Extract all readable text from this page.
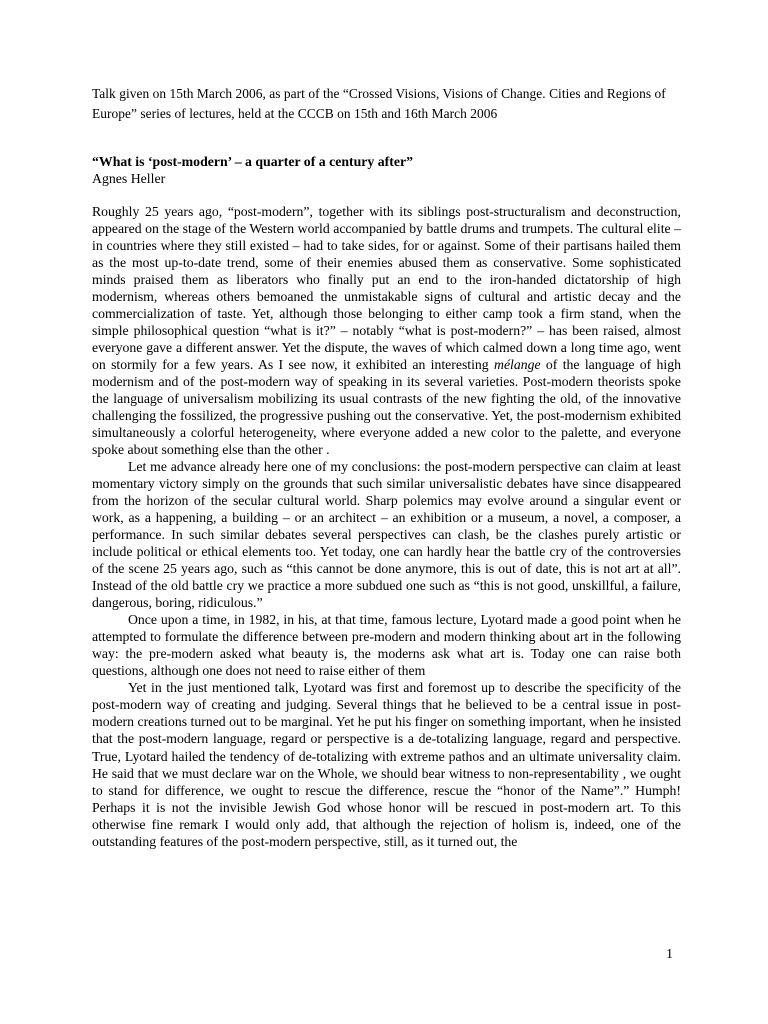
Talk given on 15th March 2006, as part of the “Crossed Visions, Visions of Change. Cities and Regions of Europe” series of lectures, held at the CCCB on 15th and 16th March 2006
“What is ‘post-modern’ – a quarter of a century after”
Agnes Heller

Roughly 25 years ago, “post-modern”, together with its siblings post-structuralism and deconstruction, appeared on the stage of the Western world accompanied by battle drums and trumpets. The cultural elite – in countries where they still existed – had to take sides, for or against. Some of their partisans hailed them as the most up-to-date trend, some of their enemies abused them as conservative. Some sophisticated minds praised them as liberators who finally put an end to the iron-handed dictatorship of high modernism, whereas others bemoaned the unmistakable signs of cultural and artistic decay and the commercialization of taste. Yet, although those belonging to either camp took a firm stand, when the simple philosophical question “what is it?” – notably “what is post-modern?” – has been raised, almost everyone gave a different answer. Yet the dispute, the waves of which calmed down a long time ago, went on stormily for a few years. As I see now, it exhibited an interesting mélange of the language of high modernism and of the post-modern way of speaking in its several varieties. Post-modern theorists spoke the language of universalism mobilizing its usual contrasts of the new fighting the old, of the innovative challenging the fossilized, the progressive pushing out the conservative. Yet, the post-modernism exhibited simultaneously a colorful heterogeneity, where everyone added a new color to the palette, and everyone spoke about something else than the other .

Let me advance already here one of my conclusions: the post-modern perspective can claim at least momentary victory simply on the grounds that such similar universalistic debates have since disappeared from the horizon of the secular cultural world. Sharp polemics may evolve around a singular event or work, as a happening, a building – or an architect – an exhibition or a museum, a novel, a composer, a performance. In such similar debates several perspectives can clash, be the clashes purely artistic or include political or ethical elements too. Yet today, one can hardly hear the battle cry of the controversies of the scene 25 years ago, such as “this cannot be done anymore, this is out of date, this is not art at all”. Instead of the old battle cry we practice a more subdued one such as “this is not good, unskillful, a failure, dangerous, boring, ridiculous.”

Once upon a time, in 1982, in his, at that time, famous lecture, Lyotard made a good point when he attempted to formulate the difference between pre-modern and modern thinking about art in the following way: the pre-modern asked what beauty is, the moderns ask what art is. Today one can raise both questions, although one does not need to raise either of them

Yet in the just mentioned talk, Lyotard was first and foremost up to describe the specificity of the post-modern way of creating and judging. Several things that he believed to be a central issue in post-modern creations turned out to be marginal. Yet he put his finger on something important, when he insisted that the post-modern language, regard or perspective is a de-totalizing language, regard and perspective. True, Lyotard hailed the tendency of de-totalizing with extreme pathos and an ultimate universality claim. He said that we must declare war on the Whole, we should bear witness to non-representability , we ought to stand for difference, we ought to rescue the difference, rescue the “honor of the Name”.” Humph! Perhaps it is not the invisible Jewish God whose honor will be rescued in post-modern art. To this otherwise fine remark I would only add, that although the rejection of holism is, indeed, one of the outstanding features of the post-modern perspective, still, as it turned out, the

1
